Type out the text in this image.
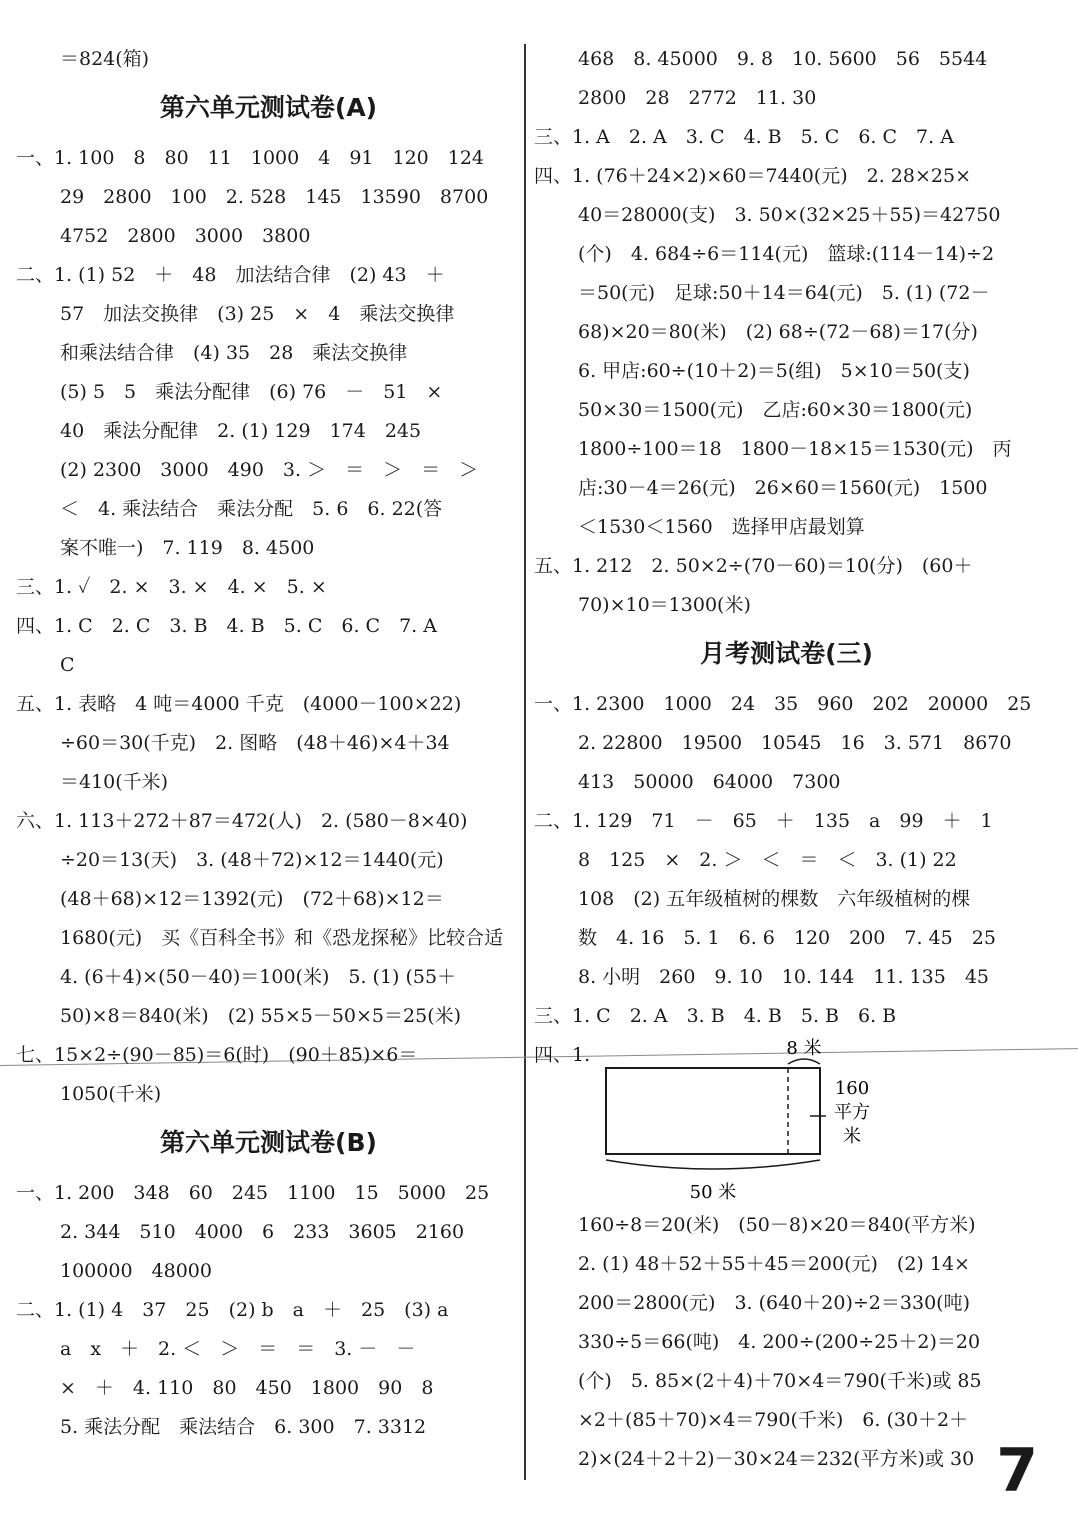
＝824(箱)
第六单元测试卷(A)
一、1. 100　8　80　11　1000　4　91　120　124
29　2800　100　2. 528　145　13590　8700
4752　2800　3000　3800
二、1. (1) 52　＋　48　加法结合律　(2) 43　＋
57　加法交换律　(3) 25　×　4　乘法交换律
和乘法结合律　(4) 35　28　乘法交换律
(5) 5　5　乘法分配律　(6) 76　－　51　×
40　乘法分配律　2. (1) 129　174　245
(2) 2300　3000　490　3. ＞　＝　＞　＝　＞
＜　4. 乘法结合　乘法分配　5. 6　6. 22(答
案不唯一)　7. 119　8. 4500
三、1. ✓　2. ×　3. ×　4. ×　5. ×
四、1. C　2. C　3. B　4. B　5. C　6. C　7. A
C
五、1. 表略　4 吨＝4000 千克　(4000－100×22)
÷60＝30(千克)　2. 图略　(48＋46)×4＋34
＝410(千米)
六、1. 113＋272＋87＝472(人)　2. (580－8×40)
÷20＝13(天)　3. (48＋72)×12＝1440(元)
(48＋68)×12＝1392(元)　(72＋68)×12＝
1680(元)　买《百科全书》和《恐龙探秘》比较合适
4. (6＋4)×(50－40)＝100(米)　5. (1) (55＋
50)×8＝840(米)　(2) 55×5－50×5＝25(米)
七、15×2÷(90－85)＝6(时)　(90＋85)×6＝
1050(千米)
第六单元测试卷(B)
一、1. 200　348　60　245　1100　15　5000　25
2. 344　510　4000　6　233　3605　2160
100000　48000
二、1. (1) 4　37　25　(2) b　a　＋　25　(3) a
a　x　＋　2. ＜　＞　＝　＝　3. －　－
×　＋　4. 110　80　450　1800　90　8
5. 乘法分配　乘法结合　6. 300　7. 3312
468　8. 45000　9. 8　10. 5600　56　5544
2800　28　2772　11. 30
三、1. A　2. A　3. C　4. B　5. C　6. C　7. A
四、1. (76＋24×2)×60＝7440(元)　2. 28×25×
40＝28000(支)　3. 50×(32×25＋55)＝42750
(个)　4. 684÷6＝114(元)　篮球:(114－14)÷2
＝50(元)　足球:50＋14＝64(元)　5. (1) (72－
68)×20＝80(米)　(2) 68÷(72－68)＝17(分)
6. 甲店:60÷(10＋2)＝5(组)　5×10＝50(支)
50×30＝1500(元)　乙店:60×30＝1800(元)
1800÷100＝18　1800－18×15＝1530(元)　丙
店:30－4＝26(元)　26×60＝1560(元)　1500
＜1530＜1560　选择甲店最划算
五、1. 212　2. 50×2÷(70－60)＝10(分)　(60＋
70)×10＝1300(米)
月考测试卷(三)
一、1. 2300　1000　24　35　960　202　20000　25
2. 22800　19500　10545　16　3. 571　8670
413　50000　64000　7300
二、1. 129　71　－　65　＋　135　a　99　＋　1
8　125　×　2. ＞　＜　＝　＜　3. (1) 22
108　(2) 五年级植树的棵数　六年级植树的棵
数　4. 16　5. 1　6. 6　120　200　7. 45　25
8. 小明　260　9. 10　10. 144　11. 135　45
三、1. C　2. A　3. B　4. B　5. B　6. B
四、1.	8 米
160
平方
米
50 米
160÷8＝20(米)　(50－8)×20＝840(平方米)
2. (1) 48＋52＋55＋45＝200(元)　(2) 14×
200＝2800(元)　3. (640＋20)÷2＝330(吨)
330÷5＝66(吨)　4. 200÷(200÷25＋2)＝20
(个)　5. 85×(2＋4)＋70×4＝790(千米)或 85
×2＋(85＋70)×4＝790(千米)　6. (30＋2＋
2)×(24＋2＋2)－30×24＝232(平方米)或 30 7
